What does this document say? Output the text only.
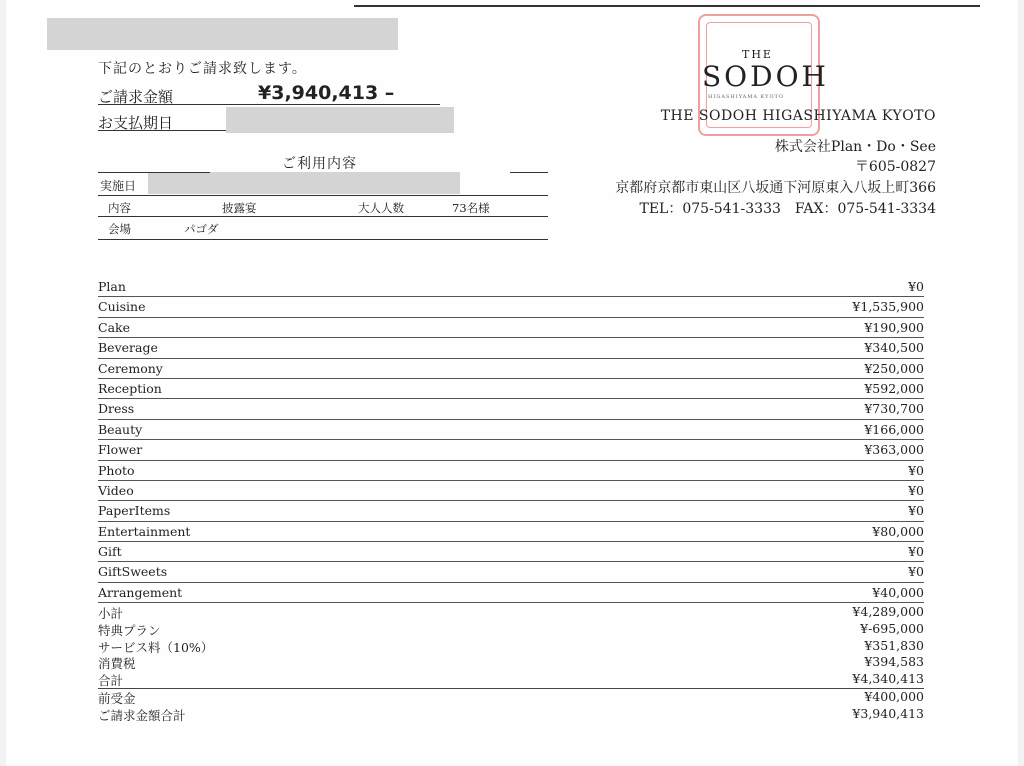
下記のとおりご請求致します。
ご請求金額	¥3,940,413 –
お支払期日
ご利用内容
実施日
内容	披露宴	大人人数	73名様
会場	パゴダ
THE
SODOH
HIGASHIYAMA KYOTO
THE SODOH HIGASHIYAMA KYOTO
株式会社Plan・Do・See
〒605-0827
京都府京都市東山区八坂通下河原東入八坂上町366
TEL：075-541-3333　FAX：075-541-3334
Plan	¥0
Cuisine	¥1,535,900
Cake	¥190,900
Beverage	¥340,500
Ceremony	¥250,000
Reception	¥592,000
Dress	¥730,700
Beauty	¥166,000
Flower	¥363,000
Photo	¥0
Video	¥0
PaperItems	¥0
Entertainment	¥80,000
Gift	¥0
GiftSweets	¥0
Arrangement	¥40,000
小計	¥4,289,000
特典プラン	¥-695,000
サービス料（10%）	¥351,830
消費税	¥394,583
合計	¥4,340,413
前受金	¥400,000
ご請求金額合計	¥3,940,413
